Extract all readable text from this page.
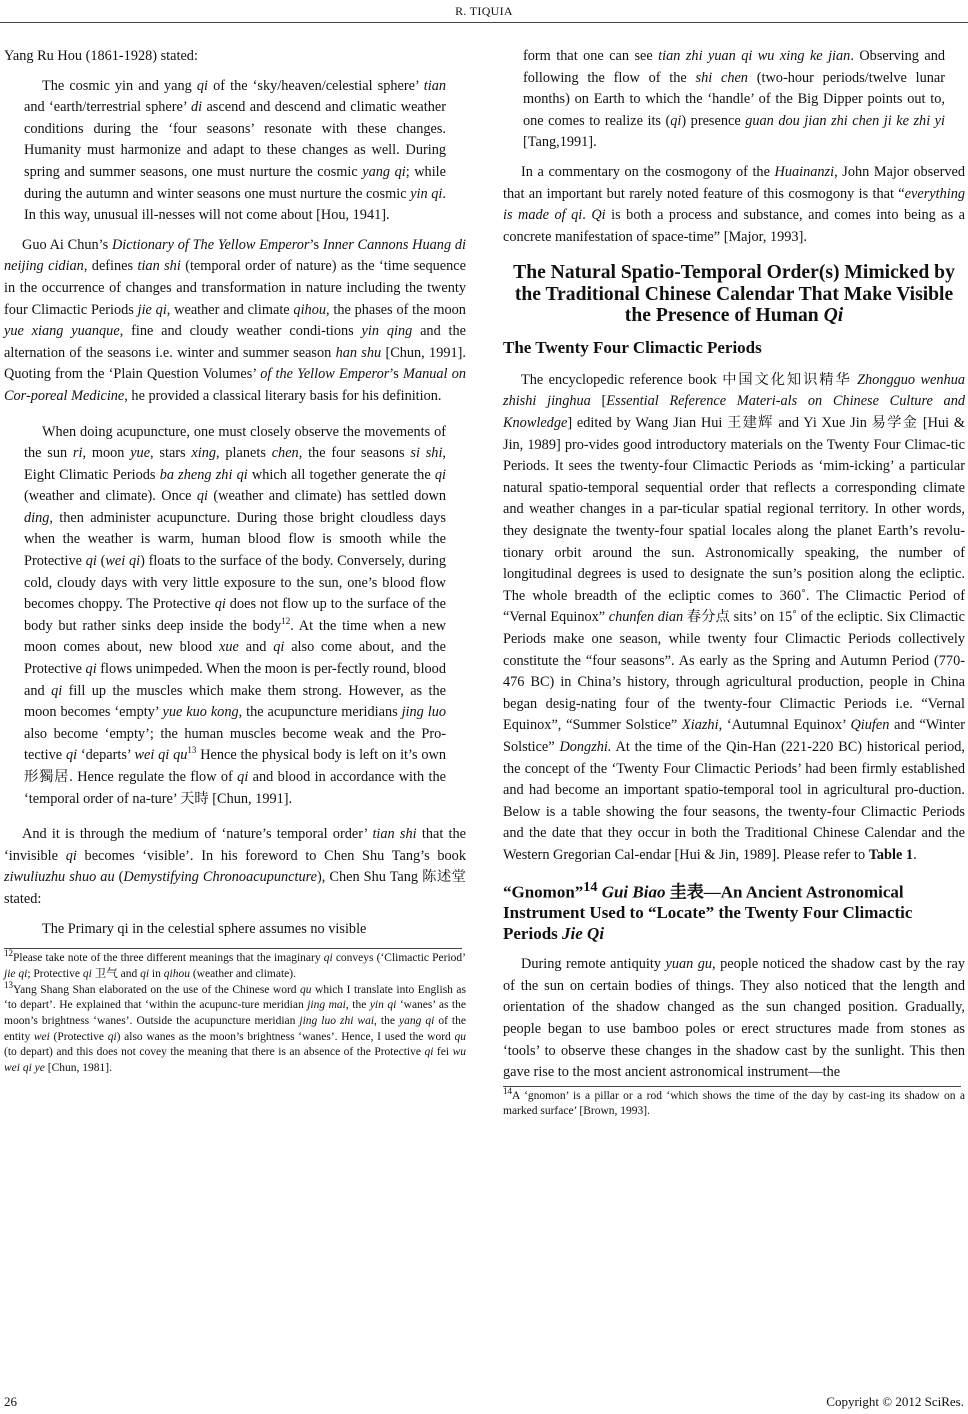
R. TIQUIA

Yang Ru Hou (1861-1928) stated:

The cosmic yin and yang qi of the ‘sky/heaven/celestial sphere’ tian and ‘earth/terrestrial sphere’ di ascend and descend and climatic weather conditions during the ‘four seasons’ resonate with these changes. Humanity must harmonize and adapt to these changes as well. During spring and summer seasons, one must nurture the cosmic yang qi; while during the autumn and winter seasons one must nurture the cosmic yin qi. In this way, unusual ill-nesses will not come about [Hou, 1941].

Guo Ai Chun’s Dictionary of The Yellow Emperor’s Inner Cannons Huang di neijing cidian, defines tian shi (temporal order of nature) as the ‘time sequence in the occurrence of changes and transformation in nature including the twenty four Climactic Periods jie qi, weather and climate qihou, the phases of the moon yue xiang yuanque, fine and cloudy weather condi-tions yin qing and the alternation of the seasons i.e. winter and summer season han shu [Chun, 1991]. Quoting from the ‘Plain Question Volumes’ of the Yellow Emperor’s Manual on Cor-poreal Medicine, he provided a classical literary basis for his definition.

When doing acupuncture, one must closely observe the movements of the sun ri, moon yue, stars xing, planets chen, the four seasons si shi, Eight Climatic Periods ba zheng zhi qi which all together generate the qi (weather and climate). Once qi (weather and climate) has settled down ding, then administer acupuncture. During those bright cloudless days when the weather is warm, human blood flow is smooth while the Protective qi (wei qi) floats to the surface of the body. Conversely, during cold, cloudy days with very little exposure to the sun, one’s blood flow becomes choppy. The Protective qi does not flow up to the surface of the body but rather sinks deep inside the body$^{12}$. At the time when a new moon comes about, new blood xue and qi also come about, and the Protective qi flows unimpeded. When the moon is per-fectly round, blood and qi fill up the muscles which make them strong. However, as the moon becomes ‘empty’ yue kuo kong, the acupuncture meridians jing luo also become ‘empty’; the human muscles become weak and the Pro-tective qi ‘departs’ wei qi $qu^{13}$ Hence the physical body is left on it’s own 形獨居. Hence regulate the flow of qi and blood in accordance with the ‘temporal order of na-ture’ 天時 [Chun, 1991].

And it is through the medium of ‘nature’s temporal order’ tian shi that the ‘invisible qi becomes ‘visible’. In his foreword to Chen Shu Tang’s book ziwuliuzhu shuo au (Demystifying Chronoacupuncture), Chen Shu Tang 陈述堂 stated:

The Primary qi in the celestial sphere assumes no visible

$^{12}$Please take note of the three different meanings that the imaginary qi conveys (‘Climactic Period’ jie qi; Protective qi 卫气 and qi in qihou (weather and climate).

$^{13}$Yang Shang Shan elaborated on the use of the Chinese word qu which I translate into English as ‘to depart’. He explained that ‘within the acupunc-ture meridian jing mai, the yin qi ‘wanes’ as the moon’s brightness ‘wanes’. Outside the acupuncture meridian jing luo zhi wai, the yang qi of the entity wei (Protective qi) also wanes as the moon’s brightness ‘wanes’. Hence, I used the word qu (to depart) and this does not covey the meaning that there is an absence of the Protective qi fei wu wei qi ye [Chun, 1981].

form that one can see tian zhi yuan qi wu xing ke jian. Observing and following the flow of the shi chen (two-hour periods/twelve lunar months) on Earth to which the ‘handle’ of the Big Dipper points out to, one comes to realize its (qi) presence guan dou jian zhi chen ji ke zhi yi [Tang,1991].

In a commentary on the cosmogony of the Huainanzi, John Major observed that an important but rarely noted feature of this cosmogony is that “everything is made of qi. Qi is both a process and substance, and comes into being as a concrete manifestation of space-time” [Major, 1993].

The Natural Spatio-Temporal Order(s) Mimicked by the Traditional Chinese Calendar That Make Visible the Presence of Human Qi
The Twenty Four Climactic Periods

The encyclopedic reference book 中国文化知识精华 Zhongguo wenhua zhishi jinghua [Essential Reference Materi-als on Chinese Culture and Knowledge] edited by Wang Jian Hui 王建辉 and Yi Xue Jin 易学金 [Hui & Jin, 1989] pro-vides good introductory materials on the Twenty Four Climac-tic Periods. It sees the twenty-four Climactic Periods as ‘mim-icking’ a particular natural spatio-temporal sequential order that reflects a corresponding climate and weather changes in a par-ticular spatial regional territory. In other words, they designate the twenty-four spatial locales along the planet Earth’s revolu-tionary orbit around the sun. Astronomically speaking, the number of longitudinal degrees is used to designate the sun’s position along the ecliptic. The whole breadth of the ecliptic comes to 360˚. The Climactic Period of “Vernal Equinox” chunfen dian 春分点 sits’ on 15˚ of the ecliptic. Six Climactic Periods make one season, while twenty four Climactic Periods collectively constitute the “four seasons”. As early as the Spring and Autumn Period (770-476 BC) in China’s history, through agricultural production, people in China began desig-nating four of the twenty-four Climactic Periods i.e. “Vernal Equinox”, “Summer Solstice” Xiazhi, ‘Autumnal Equinox’ Qiufen and “Winter Solstice” Dongzhi. At the time of the Qin-Han (221-220 BC) historical period, the concept of the ‘Twenty Four Climactic Periods’ had been firmly established and had become an important spatio-temporal tool in agricultural pro-duction. Below is a table showing the four seasons, the twenty-four Climactic Periods and the date that they occur in both the Traditional Chinese Calendar and the Western Gregorian Cal-endar [Hui & Jin, 1989]. Please refer to Table 1.

“Gnomon”$^{14}$ Gui Biao 圭表—An Ancient Astronomical Instrument Used to “Locate” the Twenty Four Climactic Periods Jie Qi

During remote antiquity yuan gu, people noticed the shadow cast by the ray of the sun on certain bodies of things. They also noticed that the length and orientation of the shadow changed as the sun changed position. Gradually, people began to use bamboo poles or erect structures made from stones as ‘tools’ to observe these changes in the shadow cast by the sunlight. This then gave rise to the most ancient astronomical instrument—the

$^{14}$A ‘gnomon’ is a pillar or a rod ‘which shows the time of the day by cast-ing its shadow on a marked surface’ [Brown, 1993].

26	Copyright © 2012 SciRes.
